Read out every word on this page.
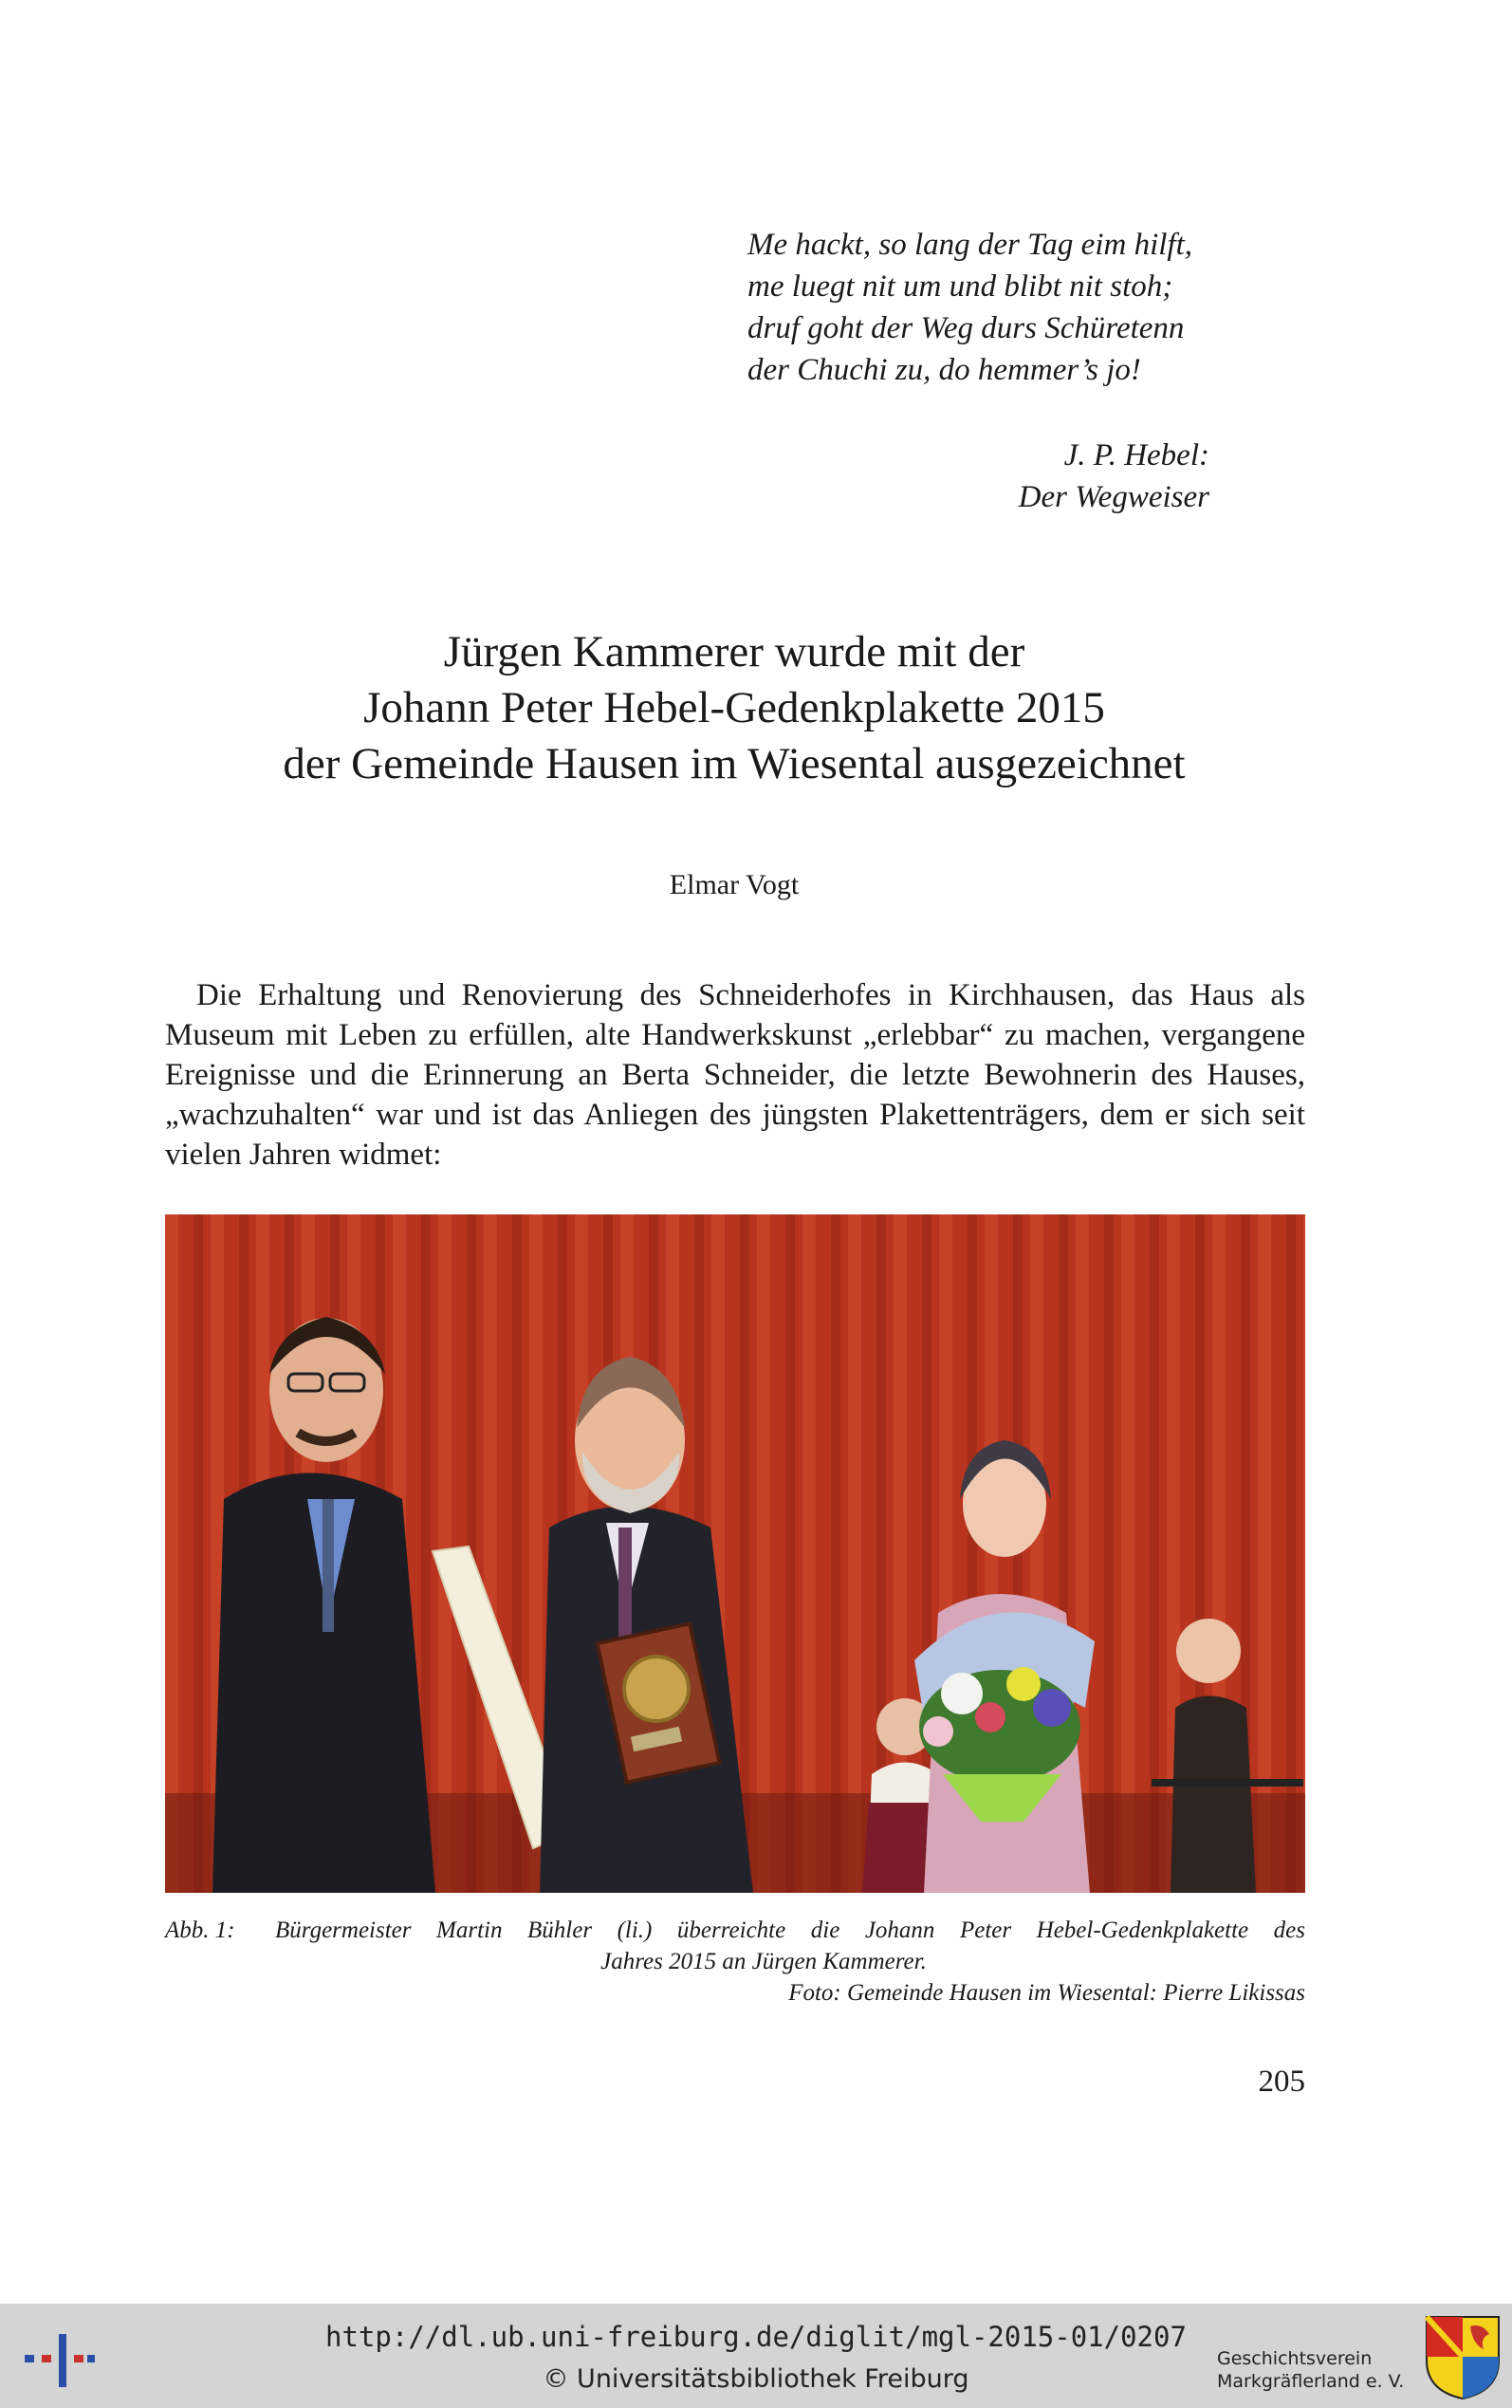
Me hackt, so lang der Tag eim hilft,
me luegt nit um und blibt nit stoh;
druf goht der Weg durs Schüretenn
der Chuchi zu, do hemmer’s jo!
J. P. Hebel:
Der Wegweiser
Jürgen Kammerer wurde mit der
Johann Peter Hebel-Gedenkplakette 2015
der Gemeinde Hausen im Wiesental ausgezeichnet
Elmar Vogt

Die Erhaltung und Renovierung des Schneiderhofes in Kirchhausen, das Haus als Museum mit Leben zu erfüllen, alte Handwerkskunst „erlebbar“ zu machen, vergangene Ereignisse und die Erinnerung an Berta Schneider, die letzte Bewohnerin des Hauses, „wachzuhalten“ war und ist das Anliegen des jüngsten Plakettenträgers, dem er sich seit vielen Jahren widmet:

Abb. 1:	Bürgermeister Martin Bühler (li.) überreichte die Johann Peter Hebel-Gedenkplakette des
Jahres 2015 an Jürgen Kammerer.
Foto: Gemeinde Hausen im Wiesental: Pierre Likissas
205
http://dl.ub.uni-freiburg.de/diglit/mgl-2015-01/0207
© Universitätsbibliothek Freiburg
Geschichtsverein
Markgräflerland e. V.
